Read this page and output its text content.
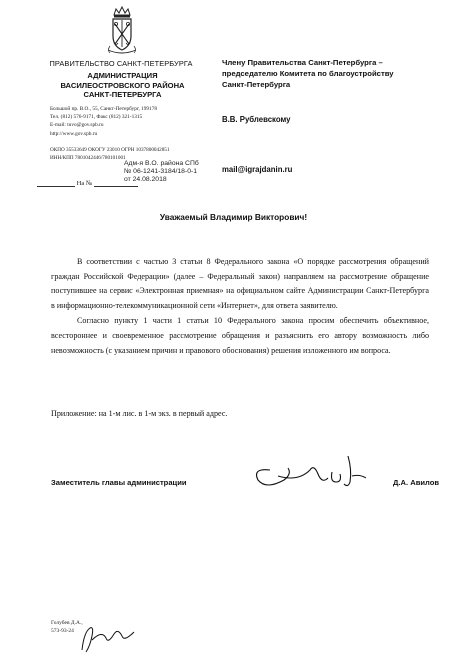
ПРАВИТЕЛЬСТВО САНКТ-ПЕТЕРБУРГА
АДМИНИСТРАЦИЯ
ВАСИЛЕОСТРОВСКОГО РАЙОНА
САНКТ-ПЕТЕРБУРГА
Большой пр. В.О., 55, Санкт-Петербург, 199178
Тел. (812) 576-9171, Факс (812) 321-1315
E-mail: tuvo@gov.spb.ru
http://www.gov.spb.ru
ОКПО 35533649 ОКОГУ 23010 ОГРН 1037800042851
ИНН/КПП 7801042446/780101001
Адм-я В.О. района СПб
№ 06-1241-3184/18-0-1
от 24.08.2018
На №
Члену Правительства Санкт-Петербурга –
председателю Комитета по благоустройству
Санкт-Петербурга
В.В. Рублевскому
mail@igrajdanin.ru
Уважаемый Владимир Викторович!

В соответствии с частью 3 статьи 8 Федерального закона «О порядке рассмотрения обращений граждан Российской Федерации» (далее – Федеральный закон) направляем на рассмотрение обращение поступившее на сервис «Электронная приемная» на официальном сайте Администрации Санкт-Петербурга в информационно-телекоммуникационной сети «Интернет», для ответа заявителю.

Согласно пункту 1 части 1 статьи 10 Федерального закона просим обеспечить объективное, всестороннее и своевременное рассмотрение обращения и разъяснить его автору возможность либо невозможность (с указанием причин и правового обоснования) решения изложенного им вопроса.

Приложение: на 1-м лис. в 1-м экз. в первый адрес.
Заместитель главы администрации	Д.А. Авилов
Голубев Д.А.,
573-93-24
